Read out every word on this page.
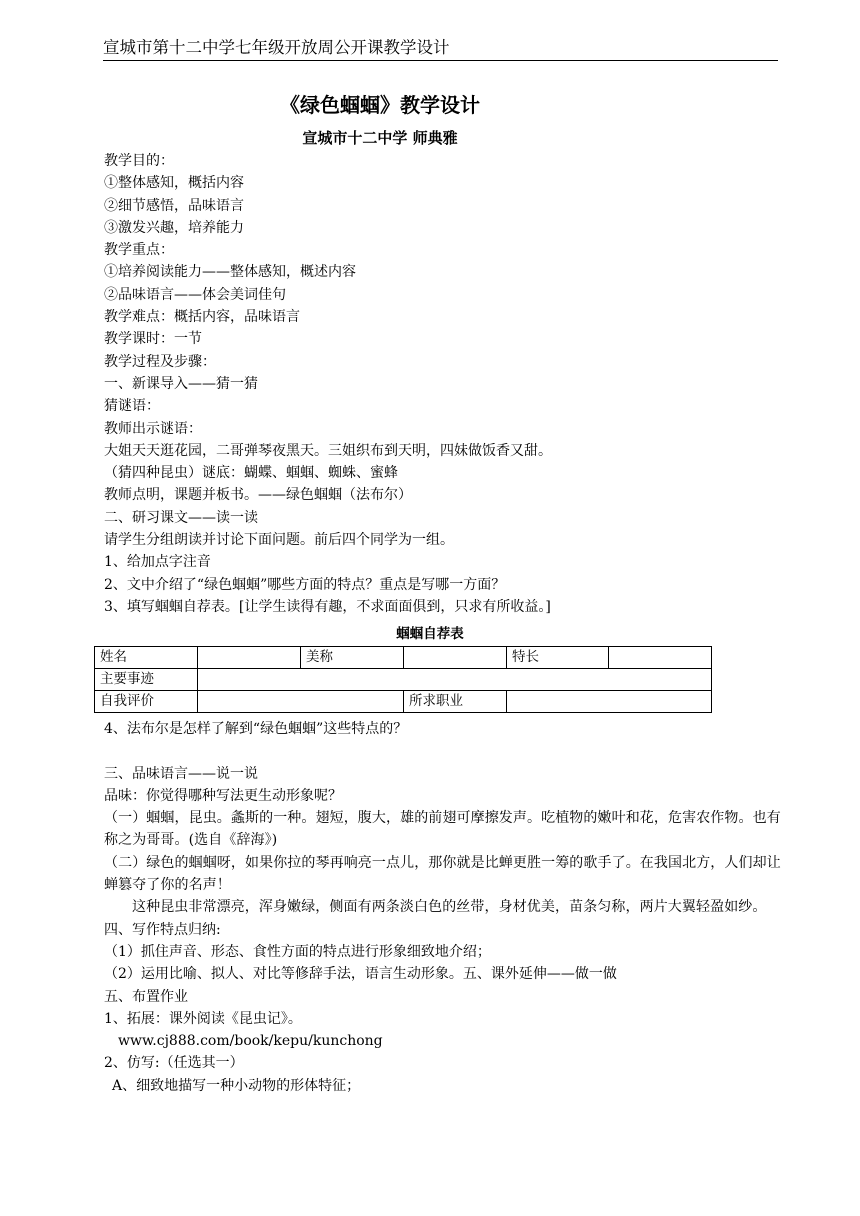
宣城市第十二中学七年级开放周公开课教学设计
《绿色蝈蝈》教学设计
宣城市十二中学 师典雅
教学目的：
①整体感知，概括内容
②细节感悟，品味语言
③激发兴趣，培养能力
教学重点：
①培养阅读能力——整体感知，概述内容
②品味语言——体会美词佳句
教学难点：概括内容，品味语言
教学课时：一节
教学过程及步骤：
一、新课导入——猜一猜
猜谜语：
教师出示谜语：
大姐天天逛花园，二哥弹琴夜黑天。三姐织布到天明，四妹做饭香又甜。
（猜四种昆虫）谜底：蝴蝶、蝈蝈、蜘蛛、蜜蜂
教师点明，课题并板书。——绿色蝈蝈（法布尔）
二、研习课文——读一读
请学生分组朗读并讨论下面问题。前后四个同学为一组。
1、给加点字注音
2、文中介绍了“绿色蝈蝈”哪些方面的特点？重点是写哪一方面？
3、填写蝈蝈自荐表。[让学生读得有趣，不求面面俱到，只求有所收益。]
蝈蝈自荐表
姓名		美称		特长	
主要事迹					
自我评价			所求职业		
4、法布尔是怎样了解到“绿色蝈蝈”这些特点的？
三、品味语言——说一说
品味：你觉得哪种写法更生动形象呢？
（一）蝈蝈，昆虫。螽斯的一种。翅短，腹大，雄的前翅可摩擦发声。吃植物的嫩叶和花，危害农作物。也有称之为哥哥。(选自《辞海》)
（二）绿色的蝈蝈呀，如果你拉的琴再响亮一点儿，那你就是比蝉更胜一筹的歌手了。在我国北方，人们却让蝉篡夺了你的名声！
这种昆虫非常漂亮，浑身嫩绿，侧面有两条淡白色的丝带，身材优美，苗条匀称，两片大翼轻盈如纱。
四、写作特点归纳:
（1）抓住声音、形态、食性方面的特点进行形象细致地介绍；
（2）运用比喻、拟人、对比等修辞手法，语言生动形象。五、课外延伸——做一做
五、布置作业
1、拓展：课外阅读《昆虫记》。
www.cj888.com/book/kepu/kunchong
2、仿写:（任选其一）
A、细致地描写一种小动物的形体特征；
